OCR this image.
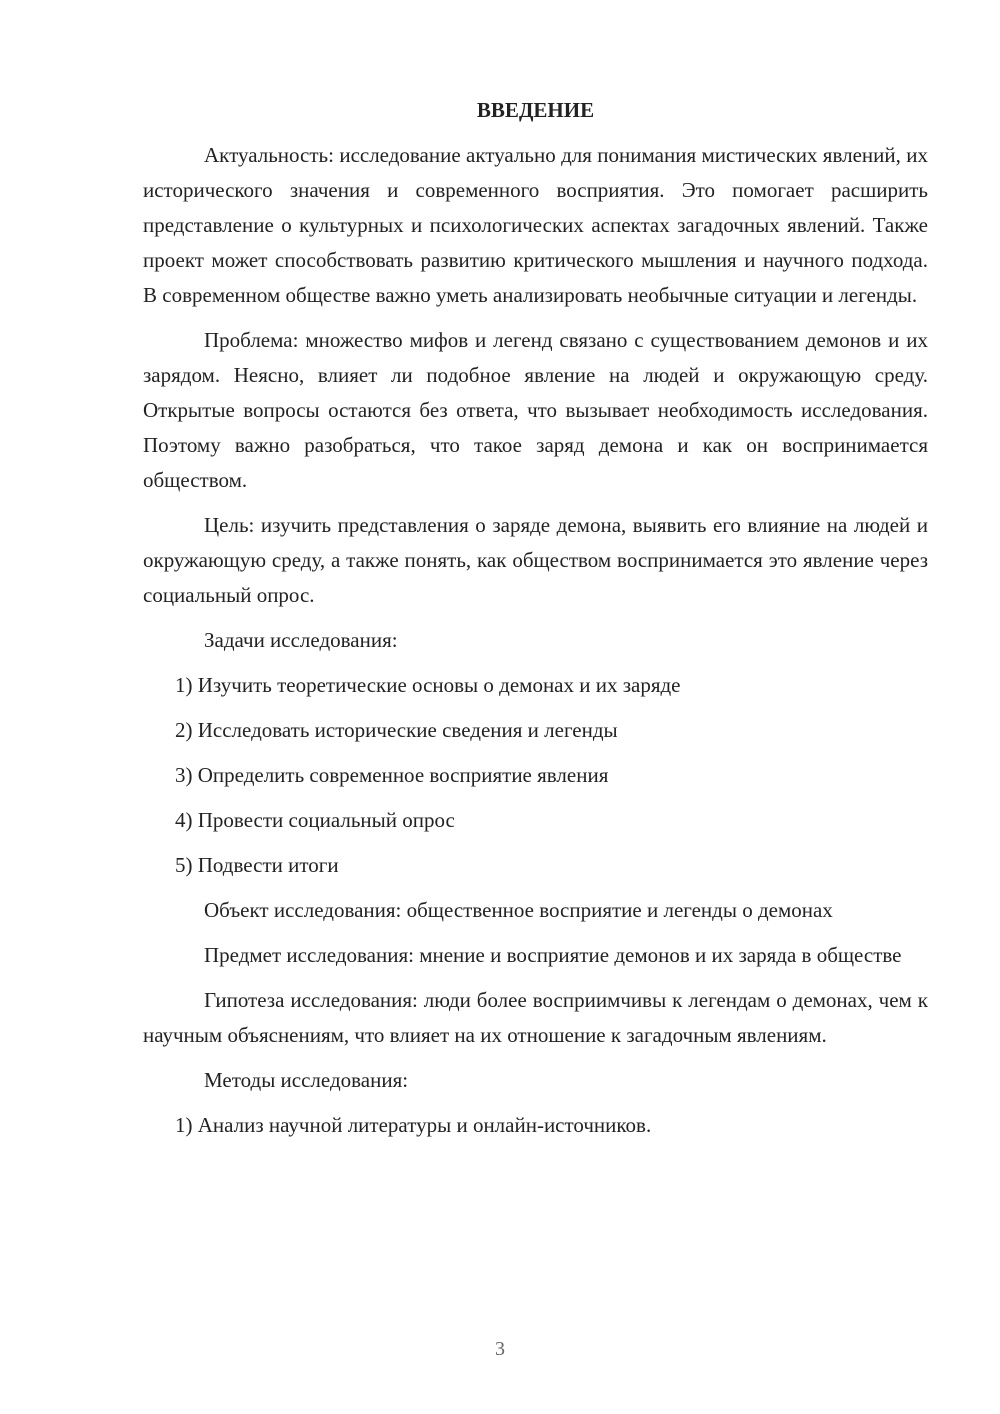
ВВЕДЕНИЕ

Актуальность: исследование актуально для понимания мистических явлений, их исторического значения и современного восприятия. Это помогает расширить представление о культурных и психологических аспектах загадочных явлений. Также проект может способствовать развитию критического мышления и научного подхода. В современном обществе важно уметь анализировать необычные ситуации и легенды.

Проблема: множество мифов и легенд связано с существованием демонов и их зарядом. Неясно, влияет ли подобное явление на людей и окружающую среду. Открытые вопросы остаются без ответа, что вызывает необходимость исследования. Поэтому важно разобраться, что такое заряд демона и как он воспринимается обществом.

Цель: изучить представления о заряде демона, выявить его влияние на людей и окружающую среду, а также понять, как обществом воспринимается это явление через социальный опрос.

Задачи исследования:
1) Изучить теоретические основы о демонах и их заряде
2) Исследовать исторические сведения и легенды
3) Определить современное восприятие явления
4) Провести социальный опрос
5) Подвести итоги

Объект исследования: общественное восприятие и легенды о демонах

Предмет исследования: мнение и восприятие демонов и их заряда в обществе

Гипотеза исследования: люди более восприимчивы к легендам о демонах, чем к научным объяснениям, что влияет на их отношение к загадочным явлениям.

Методы исследования:
1) Анализ научной литературы и онлайн-источников.
3
